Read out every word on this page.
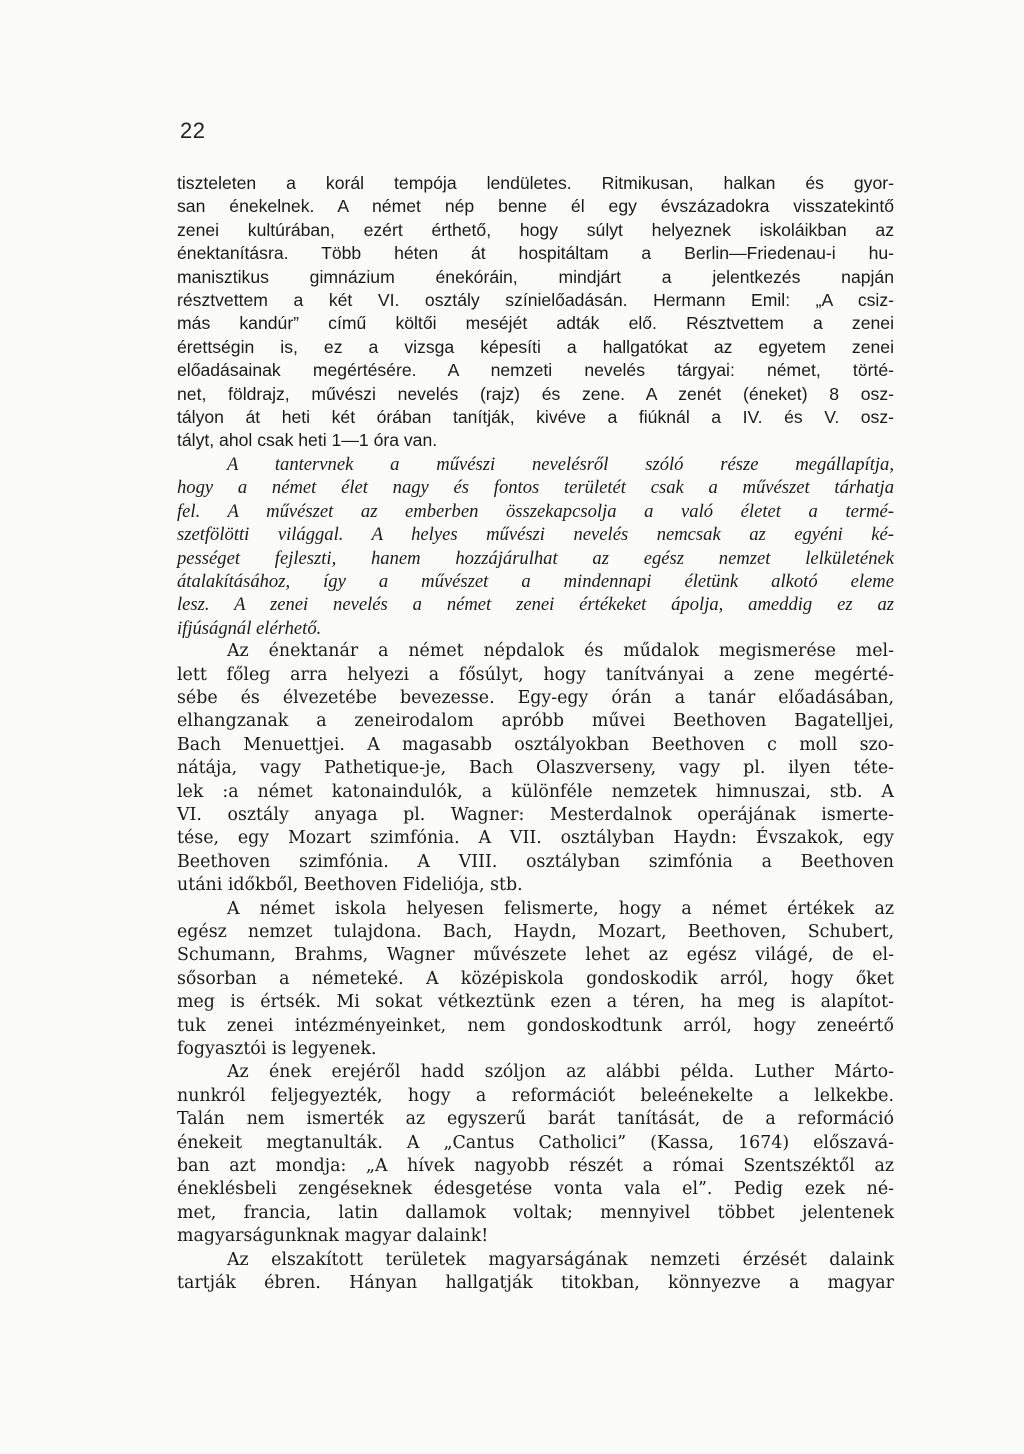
22
tiszteleten a korál tempója lendületes. Ritmikusan, halkan és gyor-
san énekelnek. A német nép benne él egy évszázadokra visszatekintő
zenei kultúrában, ezért érthető, hogy súlyt helyeznek iskoláikban az
énektanításra. Több héten át hospitáltam a Berlin—Friedenau-i hu-
manisztikus gimnázium énekóráin, mindjárt a jelentkezés napján
résztvettem a két VI. osztály színielőadásán. Hermann Emil: „A csiz-
más kandúr” című költői meséjét adták elő. Résztvettem a zenei
érettségin is, ez a vizsga képesíti a hallgatókat az egyetem zenei
előadásainak megértésére. A nemzeti nevelés tárgyai: német, törté-
net, földrajz, művészi nevelés (rajz) és zene. A zenét (éneket) 8 osz-
tályon át heti két órában tanítják, kivéve a fiúknál a IV. és V. osz-
tályt, ahol csak heti 1—1 óra van.
A tantervnek a művészi nevelésről szóló része megállapítja,
hogy a német élet nagy és fontos területét csak a művészet tárhatja
fel. A művészet az emberben összekapcsolja a való életet a termé-
szetfölötti világgal. A helyes művészi nevelés nemcsak az egyéni ké-
pességet fejleszti, hanem hozzájárulhat az egész nemzet lelkületének
átalakításához, így a művészet a mindennapi életünk alkotó eleme
lesz. A zenei nevelés a német zenei értékeket ápolja, ameddig ez az
ifjúságnál elérhető.
Az énektanár a német népdalok és műdalok megismerése mel-
lett főleg arra helyezi a fősúlyt, hogy tanítványai a zene megérté-
sébe és élvezetébe bevezesse. Egy-egy órán a tanár előadásában,
elhangzanak a zeneirodalom apróbb művei Beethoven Bagatelljei,
Bach Menuettjei. A magasabb osztályokban Beethoven c moll szo-
nátája, vagy Pathetique-je, Bach Olaszverseny, vagy pl. ilyen téte-
lek :a német katonaindulók, a különféle nemzetek himnuszai, stb. A
VI. osztály anyaga pl. Wagner: Mesterdalnok operájának ismerte-
tése, egy Mozart szimfónia. A VII. osztályban Haydn: Évszakok, egy
Beethoven szimfónia. A VIII. osztályban szimfónia a Beethoven
utáni időkből, Beethoven Fideliója, stb.
A német iskola helyesen felismerte, hogy a német értékek az
egész nemzet tulajdona. Bach, Haydn, Mozart, Beethoven, Schubert,
Schumann, Brahms, Wagner művészete lehet az egész világé, de el-
sősorban a németeké. A középiskola gondoskodik arról, hogy őket
meg is értsék. Mi sokat vétkeztünk ezen a téren, ha meg is alapítot-
tuk zenei intézményeinket, nem gondoskodtunk arról, hogy zeneértő
fogyasztói is legyenek.
Az ének erejéről hadd szóljon az alábbi példa. Luther Márto-
nunkról feljegyezték, hogy a reformációt beleénekelte a lelkekbe.
Talán nem ismerték az egyszerű barát tanítását, de a reformáció
énekeit megtanulták. A „Cantus Catholici” (Kassa, 1674) előszavá-
ban azt mondja: „A hívek nagyobb részét a római Szentszéktől az
éneklésbeli zengéseknek édesgetése vonta vala el”. Pedig ezek né-
met, francia, latin dallamok voltak; mennyivel többet jelentenek
magyarságunknak magyar dalaink!
Az elszakított területek magyarságának nemzeti érzését dalaink
tartják ébren. Hányan hallgatják titokban, könnyezve a magyar
